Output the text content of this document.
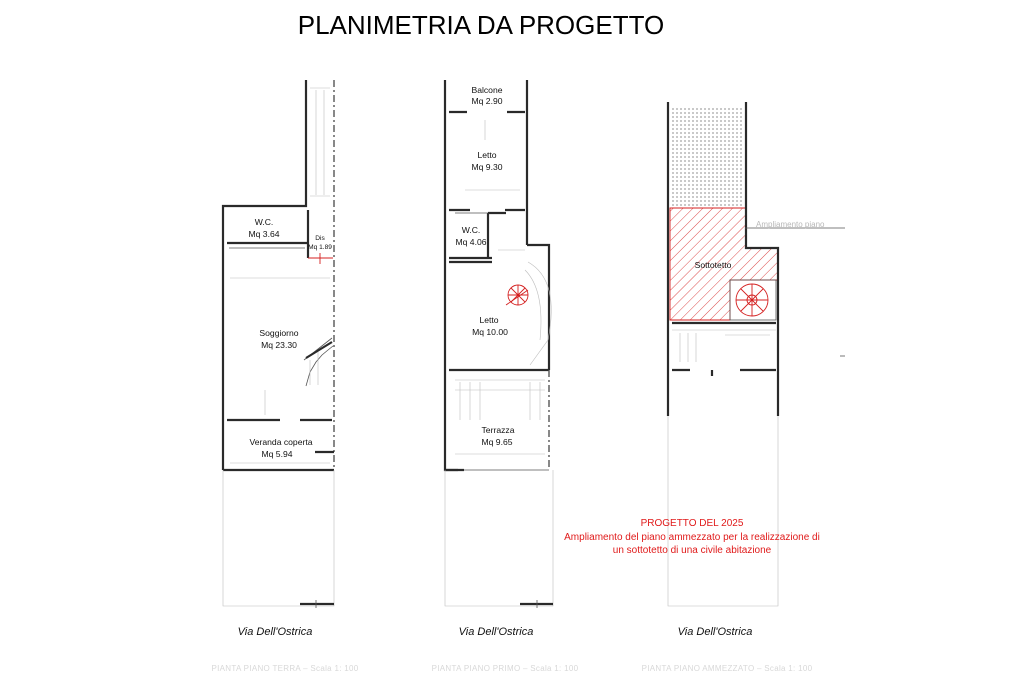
PLANIMETRIA DA PROGETTO
W.C.
Mq 3.64	Dis
Mq 1.89
Soggiorno
Mq 23.30
Veranda coperta
Mq 5.94
Via Dell'Ostrica
PIANTA PIANO TERRA – Scala 1: 100
Balcone
Mq 2.90
Letto
Mq 9.30
W.C.
Mq 4.06
Letto
Mq 10.00
Terrazza
Mq 9.65
Via Dell'Ostrica
PIANTA PIANO PRIMO – Scala 1: 100
Ampliamento piano
Sottotetto
Via Dell'Ostrica
PIANTA PIANO AMMEZZATO – Scala 1: 100
PROGETTO DEL 2025
Ampliamento del piano ammezzato per la realizzazione di
un sottotetto di una civile abitazione
